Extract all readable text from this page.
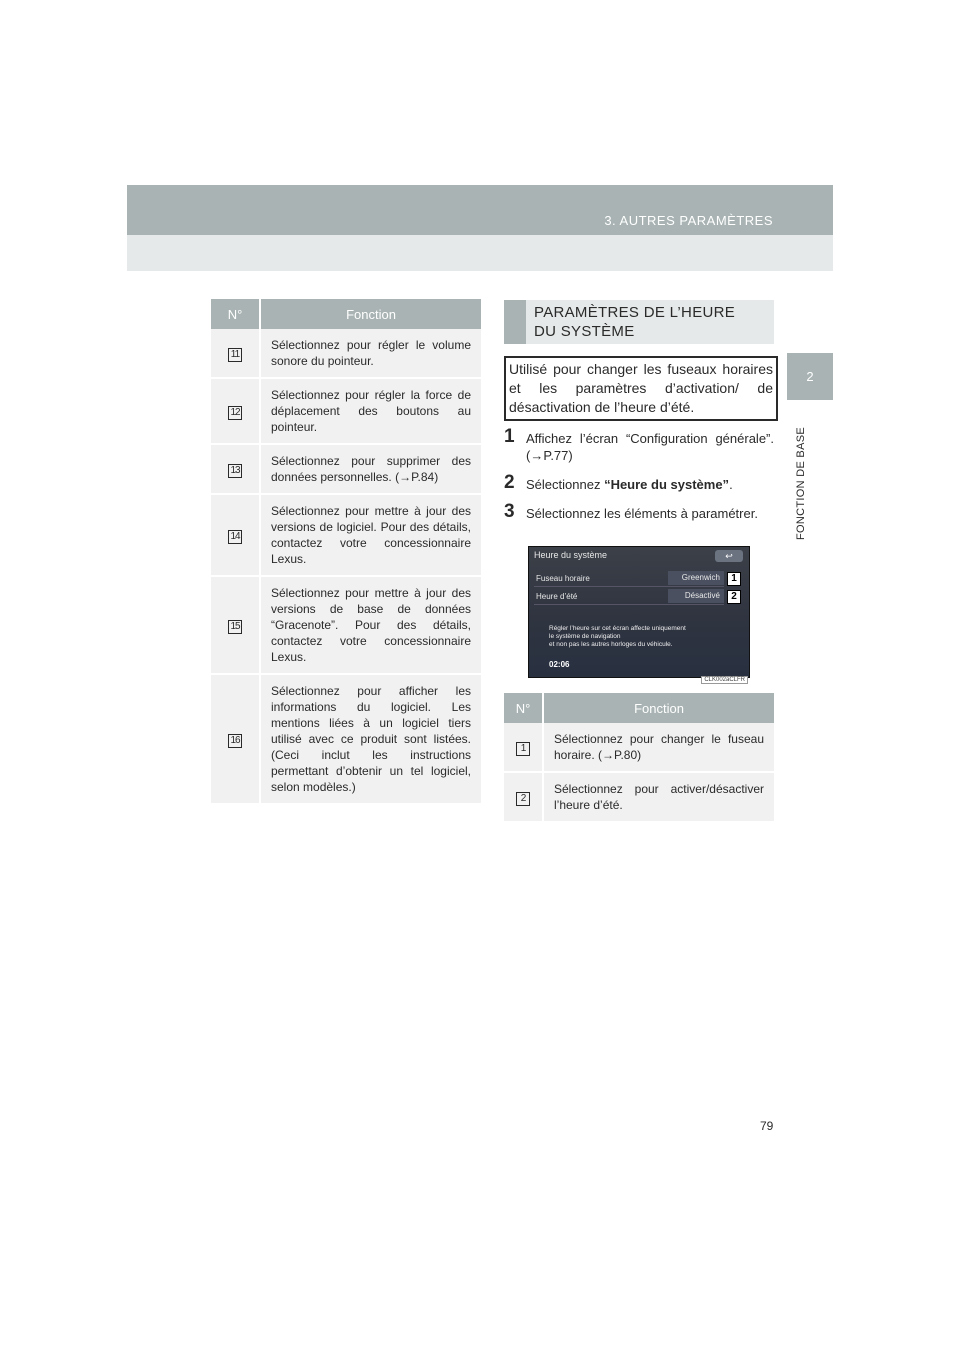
3. AUTRES PARAMÈTRES
2
FONCTION DE BASE
N°	Fonction
11	Sélectionnez pour régler le volume sonore du pointeur.
12	Sélectionnez pour régler la force de déplacement des boutons au pointeur.
13	Sélectionnez pour supprimer des données personnelles. (→P.84)
14	Sélectionnez pour mettre à jour des versions de logiciel. Pour des détails, contactez votre concessionnaire Lexus.
15	Sélectionnez pour mettre à jour des versions de base de données “Gracenote”. Pour des détails, contactez votre concessionnaire Lexus.
16	Sélectionnez pour afficher les informations du logiciel. Les mentions liées à un logiciel tiers utilisé avec ce produit sont listées. (Ceci inclut les instructions permettant d’obtenir un tel logiciel, selon modèles.)
PARAMÈTRES DE L’HEURE
DU SYSTÈME
Utilisé pour changer les fuseaux horaires et les paramètres d’activation/ de désactivation de l’heure d’été.
1 Affichez l’écran “Configuration générale”. (→P.77)
2 Sélectionnez “Heure du système”.
3 Sélectionnez les éléments à paramétrer.
Heure du système	↩
Fuseau horaire	Greenwich	1
Heure d’été	Désactivé	2
Régler l’heure sur cet écran affecte uniquement
le système de navigation
et non pas les autres horloges du véhicule.
02:06
CLK002aCLFR
N°	Fonction
1	Sélectionnez pour changer le fuseau horaire. (→P.80)
2	Sélectionnez pour activer/désactiver l’heure d’été.
79
